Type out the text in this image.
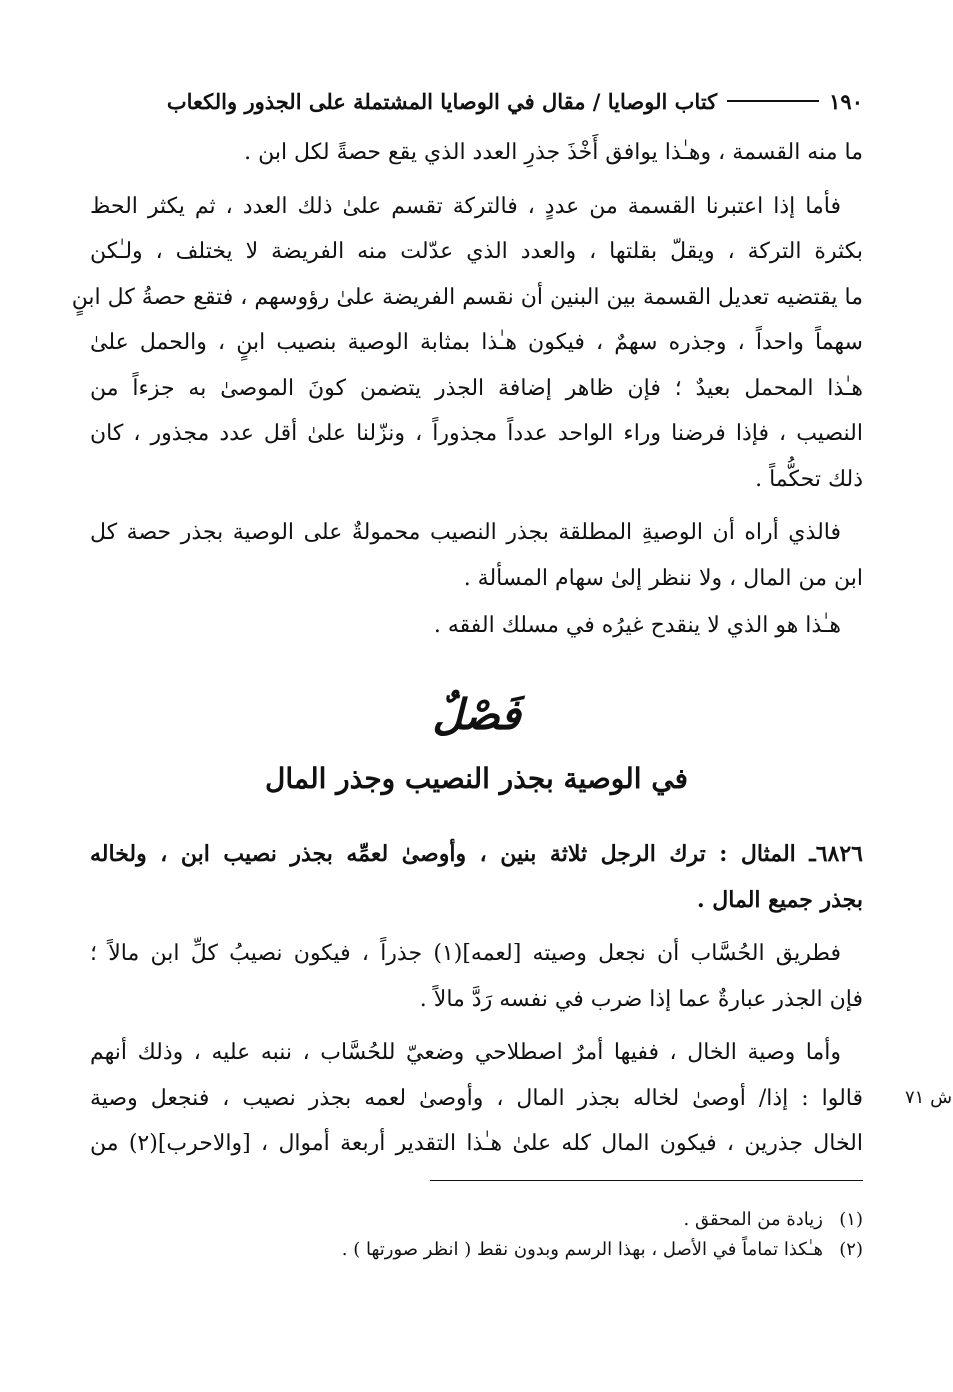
١٩٠
كتاب الوصايا / مقال في الوصايا المشتملة على الجذور والكعاب

ما منه القسمة ، وهـٰذا يوافق أَخْذَ جذرِ العدد الذي يقع حصةً لكل ابن .

فأما إذا اعتبرنا القسمة من عددٍ ، فالتركة تقسم علىٰ ذلك العدد ، ثم يكثر الحظ
بكثرة التركة ، ويقلّ بقلتها ، والعدد الذي عدّلت منه الفريضة لا يختلف ، ولـٰكن
ما يقتضيه تعديل القسمة بين البنين أن نقسم الفريضة علىٰ رؤوسهم ، فتقع حصةُ كل ابنٍ
سهماً واحداً ، وجذره سهمٌ ، فيكون هـٰذا بمثابة الوصية بنصيب ابنٍ ، والحمل علىٰ
هـٰذا المحمل بعيدٌ ؛ فإن ظاهر إضافة الجذر يتضمن كونَ الموصىٰ به جزءاً من
النصيب ، فإذا فرضنا وراء الواحد عدداً مجذوراً ، ونزّلنا علىٰ أقل عدد مجذور ، كان
ذلك تحكُّماً .

فالذي أراه أن الوصيةِ المطلقة بجذر النصيب محمولةٌ على الوصية بجذر حصة كل
ابن من المال ، ولا ننظر إلىٰ سهام المسألة .

هـٰذا هو الذي لا ينقدح غيرُه في مسلك الفقه .

فَصْلٌ
في الوصية بجذر النصيب وجذر المال

٦٨٢٦ـ المثال : ترك الرجل ثلاثة بنين ، وأوصىٰ لعمِّه بجذر نصيب ابن ، ولخاله
بجذر جميع المال .

فطريق الحُسَّاب أن نجعل وصيته [لعمه](١) جذراً ، فيكون نصيبُ كلِّ ابن مالاً ؛
فإن الجذر عبارةٌ عما إذا ضرب في نفسه رَدَّ مالاً .

وأما وصية الخال ، ففيها أمرٌ اصطلاحي وضعيّ للحُسَّاب ، ننبه عليه ، وذلك أنهم
قالوا : إذا/ أوصىٰ لخاله بجذر المال ، وأوصىٰ لعمه بجذر نصيب ، فنجعل وصية
الخال جذرين ، فيكون المال كله علىٰ هـٰذا التقدير أربعة أموال ، [والاحرب](٢) من

ش ٧١
(١)
زيادة من المحقق .
(٢)
هـٰكذا تماماً في الأصل ، بهذا الرسم وبدون نقط ( انظر صورتها ) .
